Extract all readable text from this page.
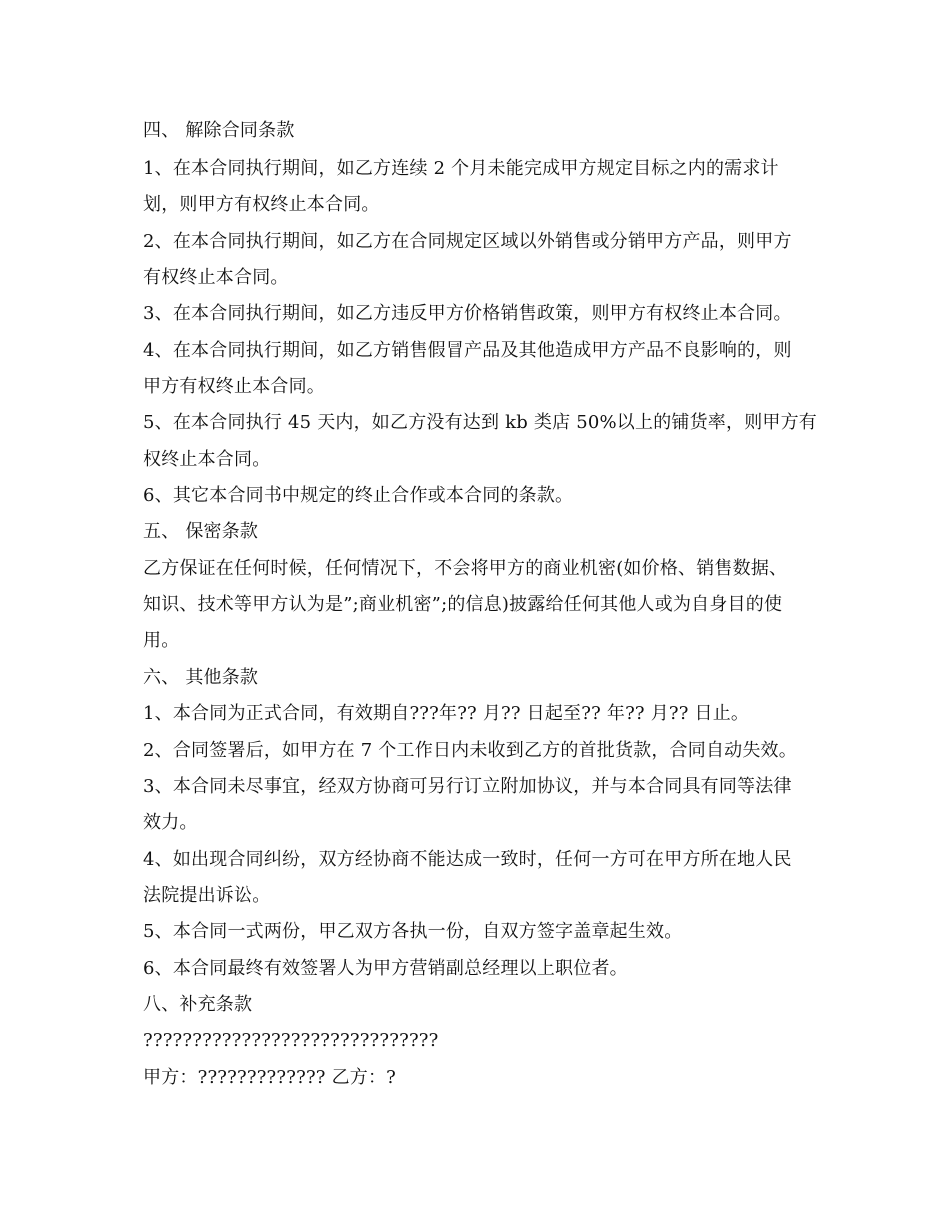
四、 解除合同条款
1、在本合同执行期间，如乙方连续 2 个月未能完成甲方规定目标之内的需求计
划，则甲方有权终止本合同。
2、在本合同执行期间，如乙方在合同规定区域以外销售或分销甲方产品，则甲方
有权终止本合同。
3、在本合同执行期间，如乙方违反甲方价格销售政策，则甲方有权终止本合同。
4、在本合同执行期间，如乙方销售假冒产品及其他造成甲方产品不良影响的，则
甲方有权终止本合同。
5、在本合同执行 45 天内，如乙方没有达到 kb 类店 50%以上的铺货率，则甲方有
权终止本合同。
6、其它本合同书中规定的终止合作或本合同的条款。
五、 保密条款
乙方保证在任何时候，任何情况下，不会将甲方的商业机密(如价格、销售数据、
知识、技术等甲方认为是”;商业机密”;的信息)披露给任何其他人或为自身目的使
用。
六、 其他条款
1、本合同为正式合同，有效期自???年?? 月?? 日起至?? 年?? 月?? 日止。
2、合同签署后，如甲方在 7 个工作日内未收到乙方的首批货款，合同自动失效。
3、本合同未尽事宜，经双方协商可另行订立附加协议，并与本合同具有同等法律
效力。
4、如出现合同纠纷，双方经协商不能达成一致时，任何一方可在甲方所在地人民
法院提出诉讼。
5、本合同一式两份，甲乙双方各执一份，自双方签字盖章起生效。
6、本合同最终有效签署人为甲方营销副总经理以上职位者。
八、补充条款
??????????????????????????????
甲方：????????????? 乙方：?
